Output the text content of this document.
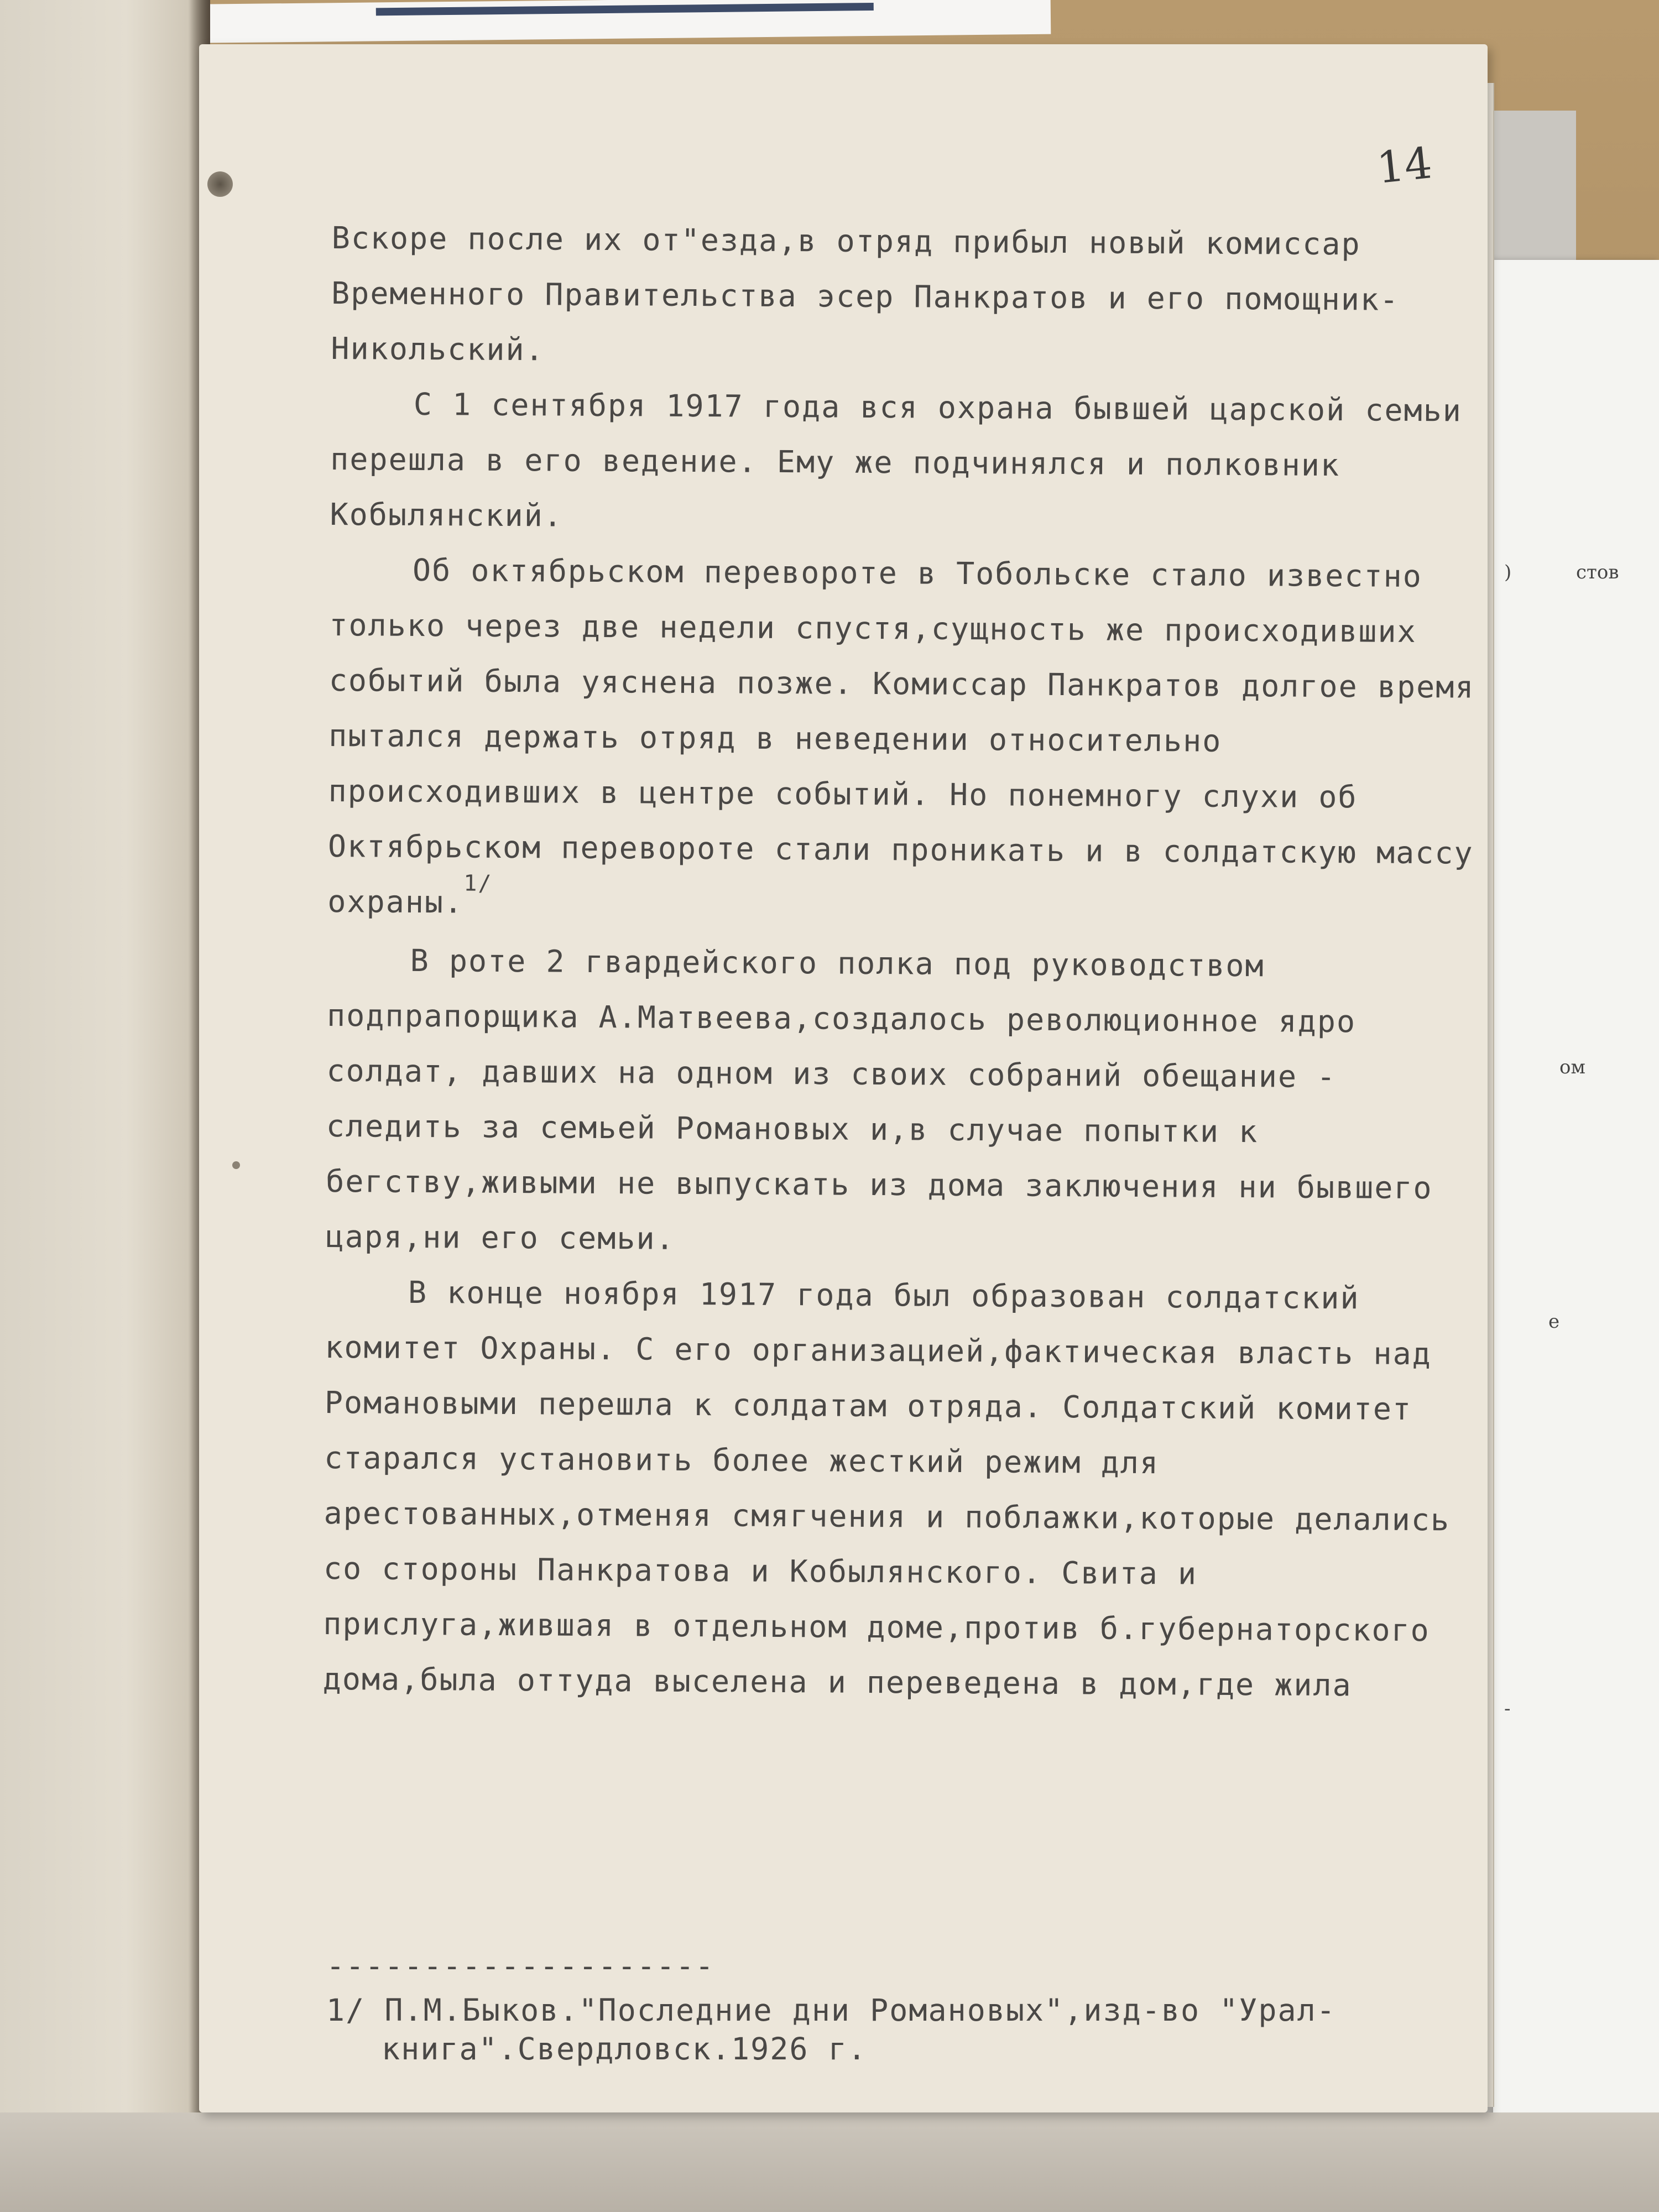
стов
)
ом
е
-
14

Вскоре после их от"езда,в отряд прибыл новый комиссар Временного Правительства эсер Панкратов и его помощник-Никольский.

С 1 сентября 1917 года вся охрана бывшей царской семьи перешла в его ведение. Ему же подчинялся и полковник Кобылянский.

Об октябрьском перевороте в Тобольске стало известно только через две недели спустя,сущность же происходивших событий была уяснена позже. Комиссар Панкратов долгое время пытался держать отряд в неведении относительно происходивших в центре событий. Но понемногу слухи об Октябрьском перевороте стали проникать и в солдатскую массу охраны.$^{1/}$

В роте 2 гвардейского полка под руководством подпрапорщика А.Матвеева,создалось революционное ядро солдат, давших на одном из своих собраний обещание - следить за семьей Романовых и,в случае попытки к бегству,живыми не выпускать из дома заключения ни бывшего царя,ни его семьи.

В конце ноября 1917 года был образован солдатский комитет Охраны. С его организацией,фактическая власть над Романовыми перешла к солдатам отряда. Солдатский комитет старался установить более жесткий режим для арестованных,отменяя смягчения и поблажки,которые делались со стороны Панкратова и Кобылянского. Свита и прислуга,жившая в отдельном доме,против б.губернаторского дома,была оттуда выселена и переведена в дом,где жила

--------------------
1/ П.М.Быков."Последние дни Романовых",изд-во "Урал-
книга".Свердловск.1926 г.
